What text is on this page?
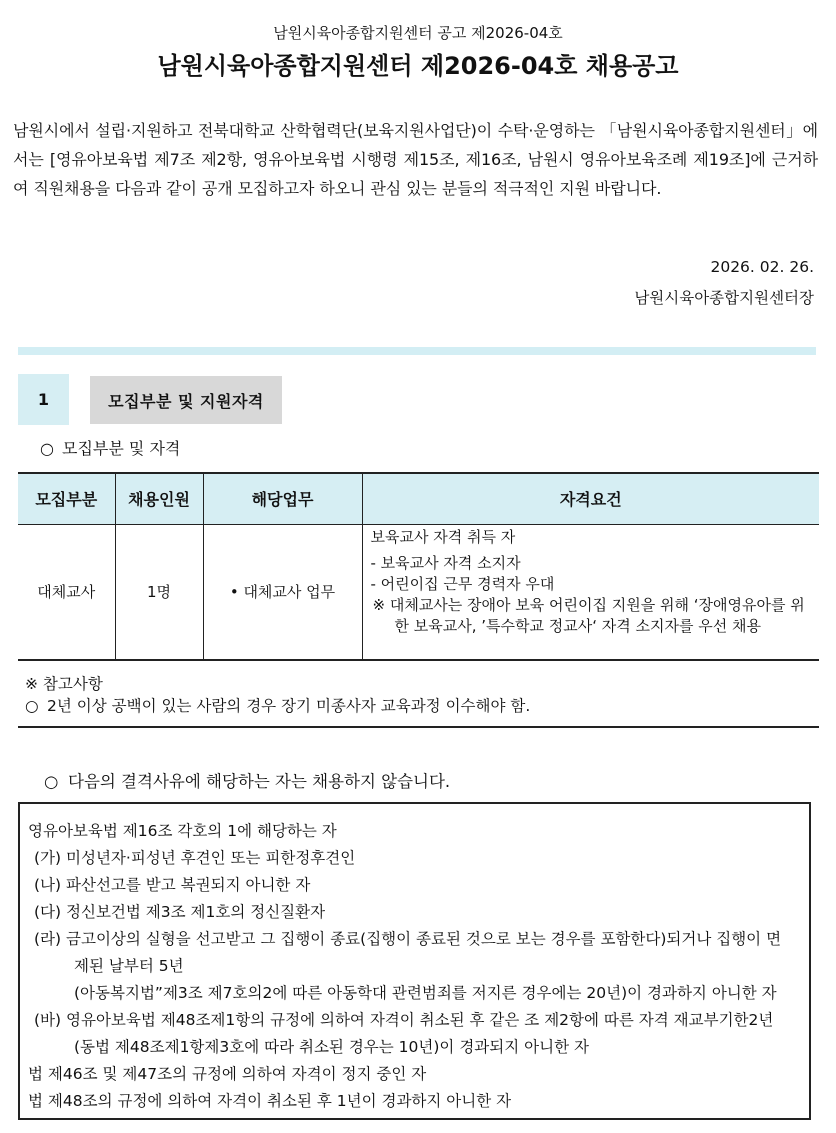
남원시육아종합지원센터 공고 제2026-04호
남원시육아종합지원센터 제2026-04호 채용공고
남원시에서 설립·지원하고 전북대학교 산학협력단(보육지원사업단)이 수탁·운영하는 「남원시육아종합지원센터」에서는 [영유아보육법 제7조 제2항, 영유아보육법 시행령 제15조, 제16조, 남원시 영유아보육조례 제19조]에 근거하여 직원채용을 다음과 같이 공개 모집하고자 하오니 관심 있는 분들의 적극적인 지원 바랍니다.
2026. 02. 26.
남원시육아종합지원센터장
1	모집부분 및 지원자격
○ 모집부분 및 자격
모집부분	채용인원	해당업무	자격요건
대체교사	1명	• 대체교사 업무	보육교사 자격 취득 자
- 보육교사 자격 소지자
- 어린이집 근무 경력자 우대
※ 대체교사는 장애아 보육 어린이집 지원을 위해 ‘장애영유아를 위한 보육교사, ’특수학교 정교사‘ 자격 소지자를 우선 채용
※ 참고사항
○ 2년 이상 공백이 있는 사람의 경우 장기 미종사자 교육과정 이수해야 함.
○ 다음의 결격사유에 해당하는 자는 채용하지 않습니다.
영유아보육법 제16조 각호의 1에 해당하는 자
(가) 미성년자·피성년 후견인 또는 피한정후견인
(나) 파산선고를 받고 복권되지 아니한 자
(다) 정신보건법 제3조 제1호의 정신질환자
(라) 금고이상의 실형을 선고받고 그 집행이 종료(집행이 종료된 것으로 보는 경우를 포함한다)되거나 집행이 면
제된 날부터 5년
(아동복지법”제3조 제7호의2에 따른 아동학대 관련범죄를 저지른 경우에는 20년)이 경과하지 아니한 자
(바) 영유아보육법 제48조제1항의 규정에 의하여 자격이 취소된 후 같은 조 제2항에 따른 자격 재교부기한2년
(동법 제48조제1항제3호에 따라 취소된 경우는 10년)이 경과되지 아니한 자
법 제46조 및 제47조의 규정에 의하여 자격이 정지 중인 자
법 제48조의 규정에 의하여 자격이 취소된 후 1년이 경과하지 아니한 자
